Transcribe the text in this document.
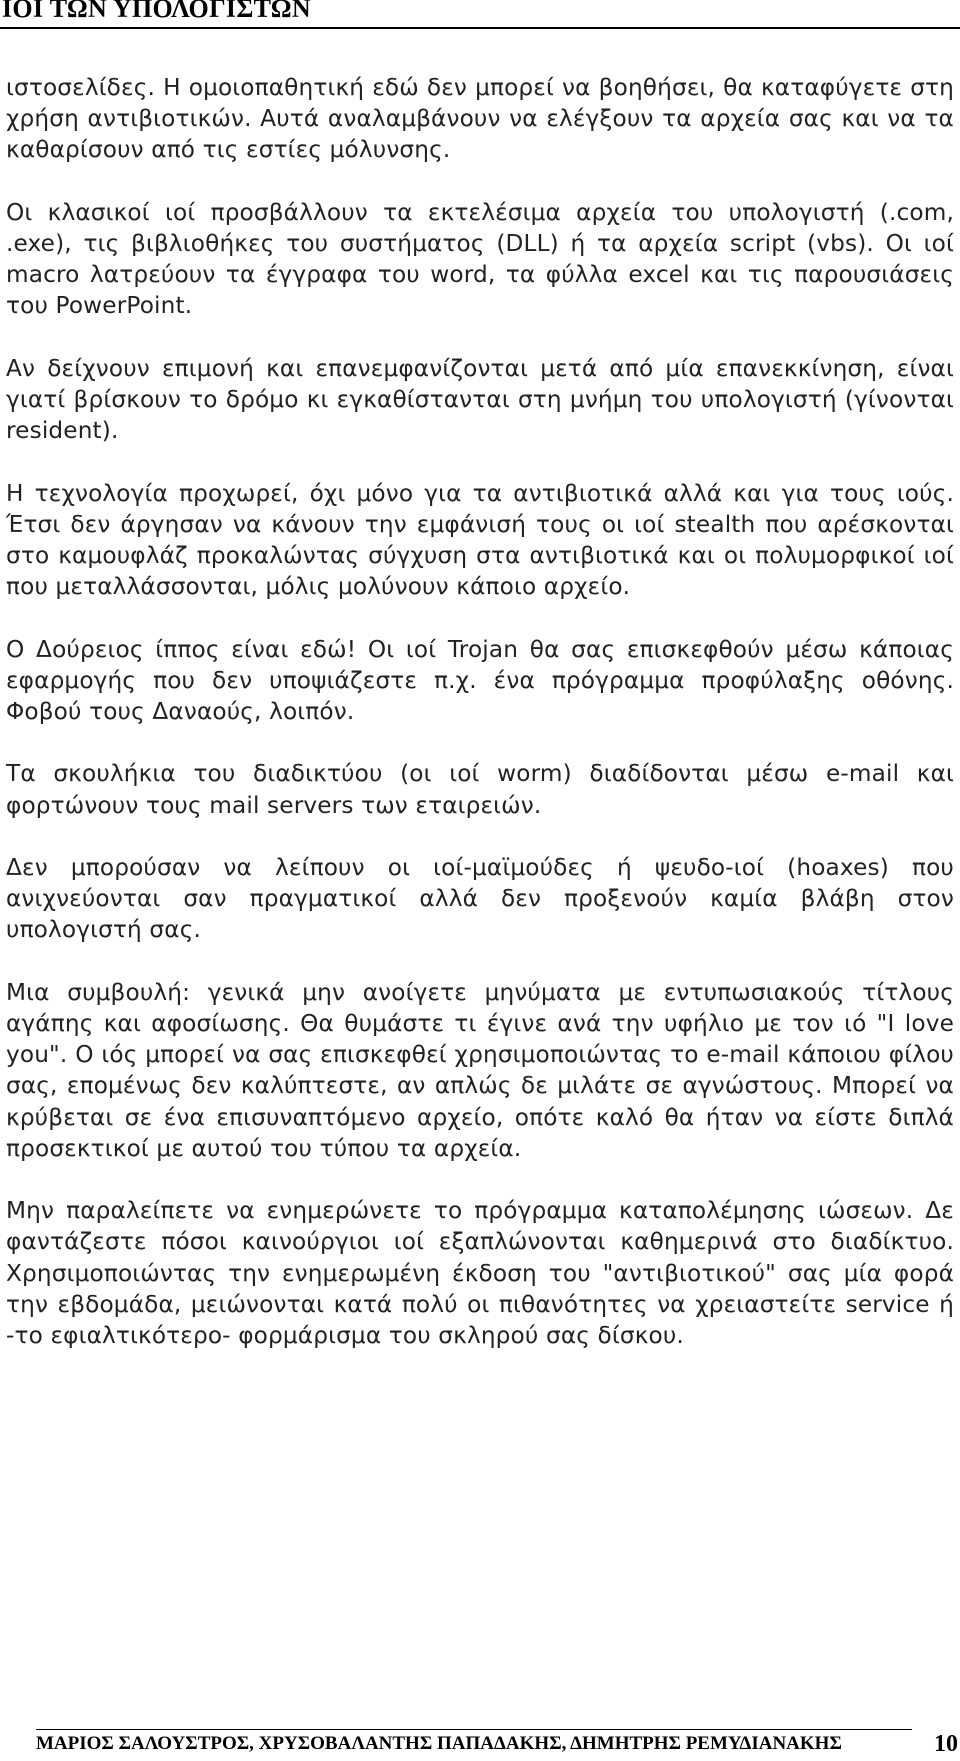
ΙΟΙ ΤΩΝ ΥΠΟΛΟΓΙΣΤΩΝ

ιστοσελίδες. Η ομοιοπαθητική εδώ δεν μπορεί να βοηθήσει, θα καταφύγετε στη χρήση αντιβιοτικών. Αυτά αναλαμβάνουν να ελέγξουν τα αρχεία σας και να τα καθαρίσουν από τις εστίες μόλυνσης.

Οι κλασικοί ιοί προσβάλλουν τα εκτελέσιμα αρχεία του υπολογιστή (.com, .exe), τις βιβλιοθήκες του συστήματος (DLL) ή τα αρχεία script (vbs). Οι ιοί macro λατρεύουν τα έγγραφα του word, τα φύλλα excel και τις παρουσιάσεις του PowerPoint.

Αν δείχνουν επιμονή και επανεμφανίζονται μετά από μία επανεκκίνηση, είναι γιατί βρίσκουν το δρόμο κι εγκαθίστανται στη μνήμη του υπολογιστή (γίνονται resident).

Η τεχνολογία προχωρεί, όχι μόνο για τα αντιβιοτικά αλλά και για τους ιούς. Έτσι δεν άργησαν να κάνουν την εμφάνισή τους οι ιοί stealth που αρέσκονται στο καμουφλάζ προκαλώντας σύγχυση στα αντιβιοτικά και οι πολυμορφικοί ιοί που μεταλλάσσονται, μόλις μολύνουν κάποιο αρχείο.

Ο Δούρειος ίππος είναι εδώ! Οι ιοί Trojan θα σας επισκεφθούν μέσω κάποιας εφαρμογής που δεν υποψιάζεστε π.χ. ένα πρόγραμμα προφύλαξης οθόνης. Φοβού τους Δαναούς, λοιπόν.

Τα σκουλήκια του διαδικτύου (οι ιοί worm) διαδίδονται μέσω e-mail και φορτώνουν τους mail servers των εταιρειών.

Δεν μπορούσαν να λείπουν οι ιοί-μαϊμούδες ή ψευδο-ιοί (hoaxes) που ανιχνεύονται σαν πραγματικοί αλλά δεν προξενούν καμία βλάβη στον υπολογιστή σας.

Μια συμβουλή: γενικά μην ανοίγετε μηνύματα με εντυπωσιακούς τίτλους αγάπης και αφοσίωσης. Θα θυμάστε τι έγινε ανά την υφήλιο με τον ιό "I love you". Ο ιός μπορεί να σας επισκεφθεί χρησιμοποιώντας το e-mail κάποιου φίλου σας, επομένως δεν καλύπτεστε, αν απλώς δε μιλάτε σε αγνώστους. Μπορεί να κρύβεται σε ένα επισυναπτόμενο αρχείο, οπότε καλό θα ήταν να είστε διπλά προσεκτικοί με αυτού του τύπου τα αρχεία.

Μην παραλείπετε να ενημερώνετε το πρόγραμμα καταπολέμησης ιώσεων. Δε φαντάζεστε πόσοι καινούργιοι ιοί εξαπλώνονται καθημερινά στο διαδίκτυο. Χρησιμοποιώντας την ενημερωμένη έκδοση του "αντιβιοτικού" σας μία φορά την εβδομάδα, μειώνονται κατά πολύ οι πιθανότητες να χρειαστείτε service ή -το εφιαλτικότερο- φορμάρισμα του σκληρού σας δίσκου.

ΜΑΡΙΟΣ ΣΑΛΟΥΣΤΡΟΣ, ΧΡΥΣΟΒΑΛΑΝΤΗΣ ΠΑΠΑΔΑΚΗΣ, ΔΗΜΗΤΡΗΣ ΡΕΜΥΔΙΑΝΑΚΗΣ	10
